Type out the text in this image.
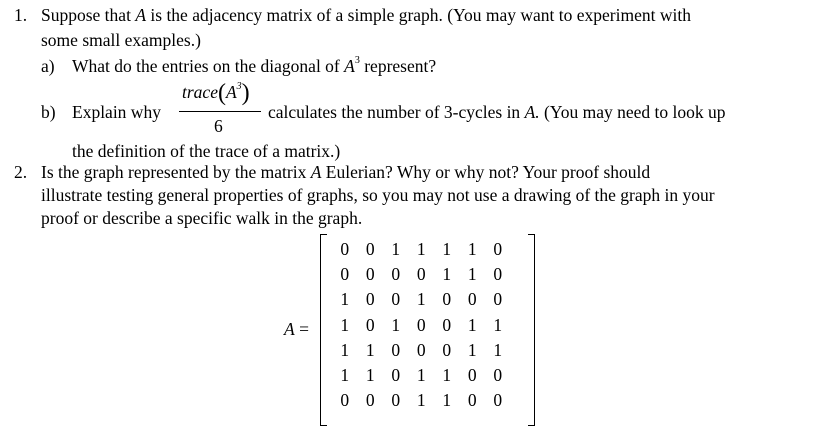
1. Suppose that A is the adjacency matrix of a simple graph. (You may want to experiment with
some small examples.)
a) What do the entries on the diagonal of $A^3$ represent?
b) Explain why
$trace(A^3)$
6
calculates the number of 3-cycles in A. (You may need to look up
the definition of the trace of a matrix.)
2. Is the graph represented by the matrix A Eulerian? Why or why not? Your proof should
illustrate testing general properties of graphs, so you may not use a drawing of the graph in your
proof or describe a specific walk in the graph.
A =
0 0 1 1 1 1 0
0 0 0 0 1 1 0
1 0 0 1 0 0 0
1 0 1 0 0 1 1
1 1 0 0 0 1 1
1 1 0 1 1 0 0
0 0 0 1 1 0 0
